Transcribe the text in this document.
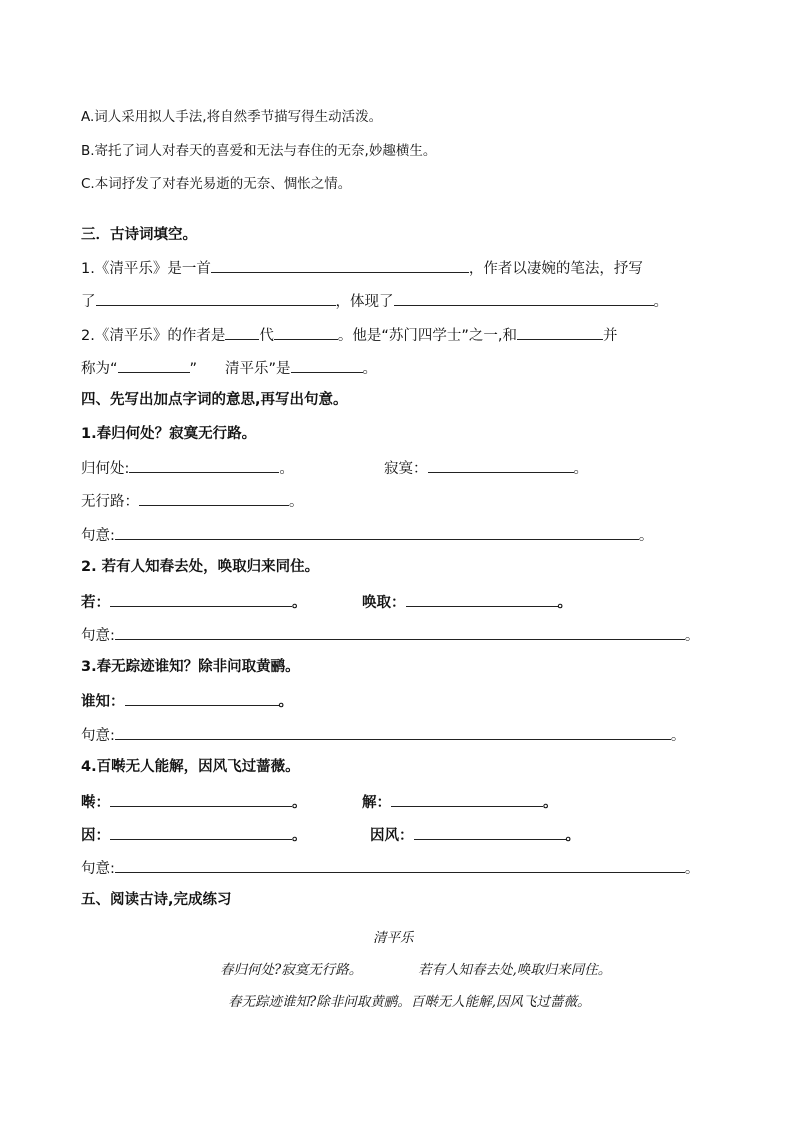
A.词人采用拟人手法,将自然季节描写得生动活泼。
B.寄托了词人对春天的喜爱和无法与春住的无奈,妙趣横生。
C.本词抒发了对春光易逝的无奈、惆怅之情。
三．古诗词填空。
1.《清平乐》是一首	，作者以凄婉的笔法，抒写
了	，体现了	。
2.《清平乐》的作者是 代	。他是“苏门四学士”之一,和	并
称为“	” 清平乐”是	。
四、先写出加点字词的意思,再写出句意。
1.春归何处？寂寞无行路。
归何处:	。	寂寞：	。
无行路：	。
句意:	。
2. 若有人知春去处，唤取归来同住。
若：	。	唤取：	。
句意:	。
3.春无踪迹谁知？除非问取黄鹂。
谁知：	。
句意:	。
4.百啭无人能解，因风飞过蔷薇。
啭：	。	解：	。
因：	。	因风：	。
句意:	。
五、阅读古诗,完成练习
清平乐
春归何处?寂寞无行路。	若有人知春去处,唤取归来同住。
春无踪迹谁知?除非问取黄鹂。百啭无人能解,因风飞过蔷薇。
